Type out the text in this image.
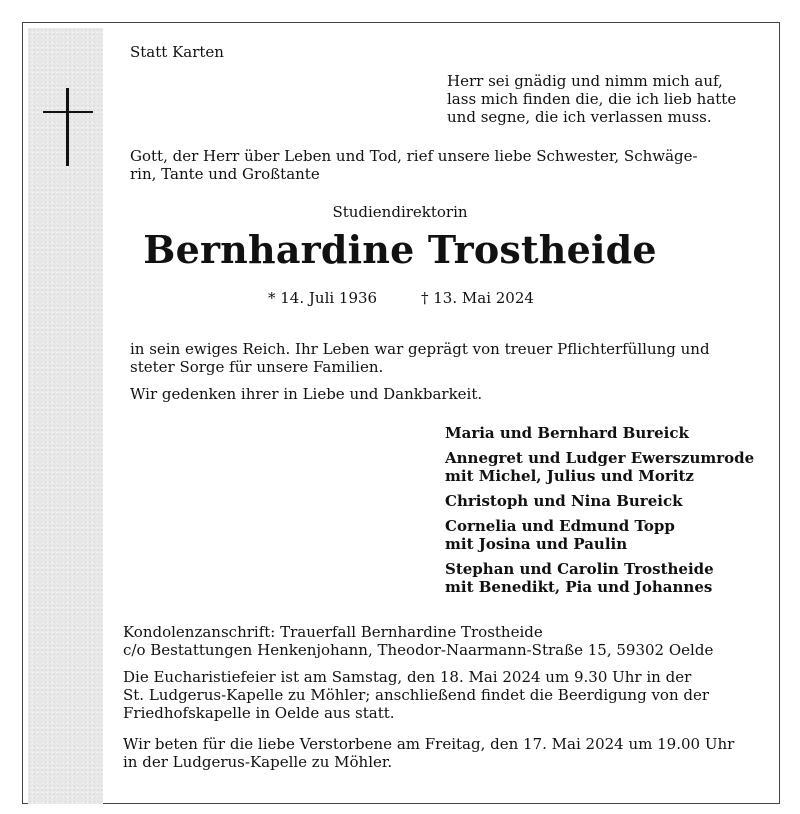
Statt Karten
Herr sei gnädig und nimm mich auf,
lass mich finden die, die ich lieb hatte
und segne, die ich verlassen muss.
Gott, der Herr über Leben und Tod, rief unsere liebe Schwester, Schwäge-
rin, Tante und Großtante
Studiendirektorin
Bernhardine Trostheide
* 14. Juli 1936	† 13. Mai 2024
in sein ewiges Reich. Ihr Leben war geprägt von treuer Pflichterfüllung und
steter Sorge für unsere Familien.
Wir gedenken ihrer in Liebe und Dankbarkeit.
Maria und Bernhard Bureick
Annegret und Ludger Ewerszumrode
mit Michel, Julius und Moritz
Christoph und Nina Bureick
Cornelia und Edmund Topp
mit Josina und Paulin
Stephan und Carolin Trostheide
mit Benedikt, Pia und Johannes
Kondolenzanschrift: Trauerfall Bernhardine Trostheide
c/o Bestattungen Henkenjohann, Theodor-Naarmann-Straße 15, 59302 Oelde
Die Eucharistiefeier ist am Samstag, den 18. Mai 2024 um 9.30 Uhr in der
St. Ludgerus-Kapelle zu Möhler; anschließend findet die Beerdigung von der
Friedhofskapelle in Oelde aus statt.
Wir beten für die liebe Verstorbene am Freitag, den 17. Mai 2024 um 19.00 Uhr
in der Ludgerus-Kapelle zu Möhler.
